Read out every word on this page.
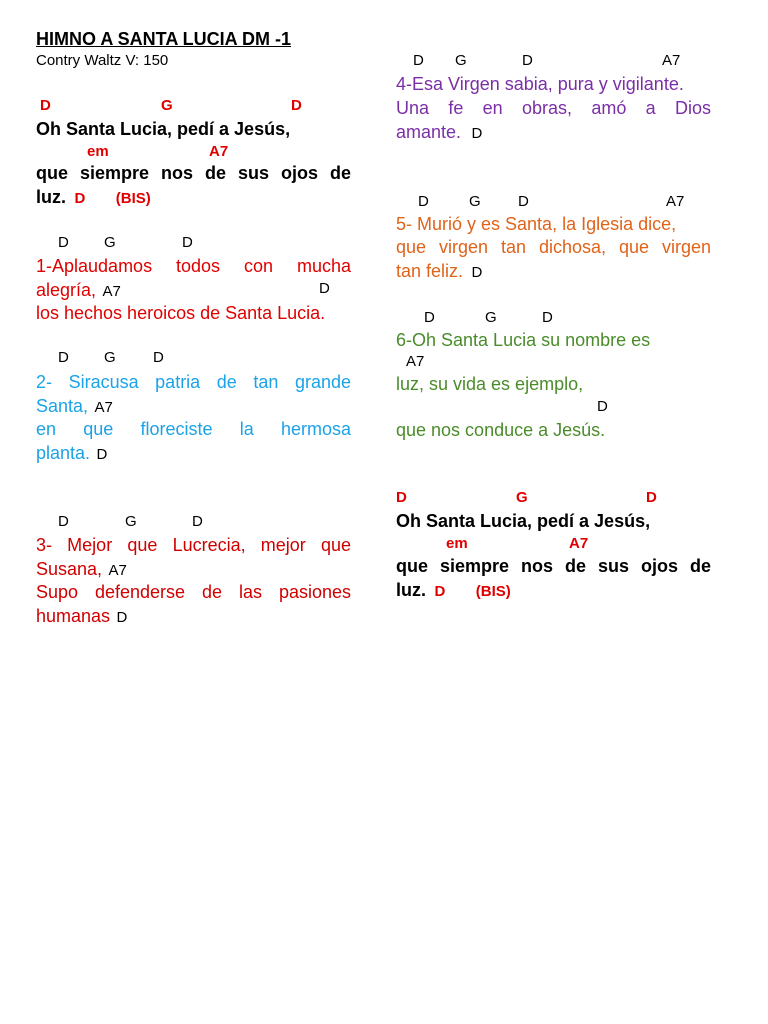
HIMNO A SANTA LUCIA DM -1
Contry Waltz V: 150
D	G	D
Oh Santa Lucia, pedí a Jesús,
em	A7
que siempre nos de sus ojos de
luz. D (BIS)
D G	D
1-Aplaudamos todos con mucha
alegría, A7	D
los hechos heroicos de Santa Lucia.
D G D
2- Siracusa patria de tan grande
Santa, A7
en que floreciste la hermosa
planta. D
D	G	D
3- Mejor que Lucrecia, mejor que
Susana, A7
Supo defenderse de las pasiones
humanas D
D G	D	A7
4-Esa Virgen sabia, pura y vigilante.
Una fe en obras, amó a Dios
amante. D
D	G D	A7
5- Murió y es Santa, la Iglesia dice,
que virgen tan dichosa, que virgen
tan feliz. D
D	G	D
6-Oh Santa Lucia su nombre es
A7
luz, su vida es ejemplo,
D
que nos conduce a Jesús.
D	G	D
Oh Santa Lucia, pedí a Jesús,
em	A7
que siempre nos de sus ojos de
luz. D (BIS)
